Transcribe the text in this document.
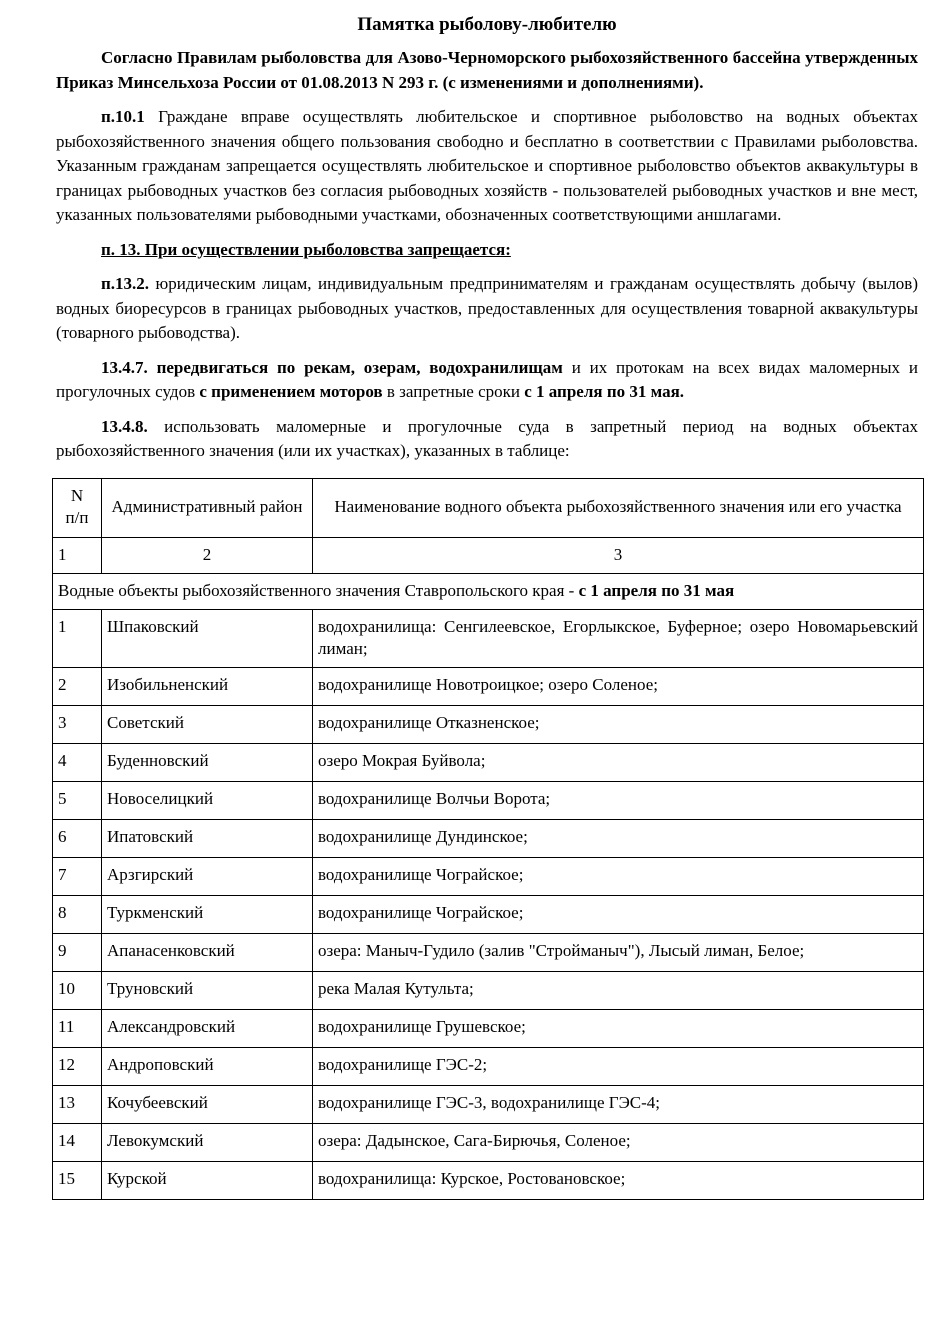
Памятка рыболову-любителю

Согласно Правилам рыболовства для Азово-Черноморского рыбохозяйственного бассейна утвержденных Приказ Минсельхоза России от 01.08.2013 N 293 г. (с изменениями и дополнениями).

п.10.1 Граждане вправе осуществлять любительское и спортивное рыболовство на водных объектах рыбохозяйственного значения общего пользования свободно и бесплатно в соответствии с Правилами рыболовства. Указанным гражданам запрещается осуществлять любительское и спортивное рыболовство объектов аквакультуры в границах рыбоводных участков без согласия рыбоводных хозяйств - пользователей рыбоводных участков и вне мест, указанных пользователями рыбоводными участками, обозначенных соответствующими аншлагами.

п. 13. При осуществлении рыболовства запрещается:

п.13.2. юридическим лицам, индивидуальным предпринимателям и гражданам осуществлять добычу (вылов) водных биоресурсов в границах рыбоводных участков, предоставленных для осуществления товарной аквакультуры (товарного рыбоводства).

13.4.7. передвигаться по рекам, озерам, водохранилищам и их протокам на всех видах маломерных и прогулочных судов с применением моторов в запретные сроки с 1 апреля по 31 мая.

13.4.8. использовать маломерные и прогулочные суда в запретный период на водных объектах рыбохозяйственного значения (или их участках), указанных в таблице:

N
п/п	Административный район	Наименование водного объекта рыбохозяйственного значения или его участка
1	2	3
Водные объекты рыбохозяйственного значения Ставропольского края - с 1 апреля по 31 мая		
1	Шпаковский	водохранилища: Сенгилеевское, Егорлыкское, Буферное; озеро Новомарьевский лиман;
2	Изобильненский	водохранилище Новотроицкое; озеро Соленое;
3	Советский	водохранилище Отказненское;
4	Буденновский	озеро Мокрая Буйвола;
5	Новоселицкий	водохранилище Волчьи Ворота;
6	Ипатовский	водохранилище Дундинское;
7	Арзгирский	водохранилище Чограйское;
8	Туркменский	водохранилище Чограйское;
9	Апанасенковский	озера: Маныч-Гудило (залив "Стройманыч"), Лысый лиман, Белое;
10	Труновский	река Малая Кутульта;
11	Александровский	водохранилище Грушевское;
12	Андроповский	водохранилище ГЭС-2;
13	Кочубеевский	водохранилище ГЭС-3, водохранилище ГЭС-4;
14	Левокумский	озера: Дадынское, Сага-Бирючья, Соленое;
15	Курской	водохранилища: Курское, Ростовановское;
